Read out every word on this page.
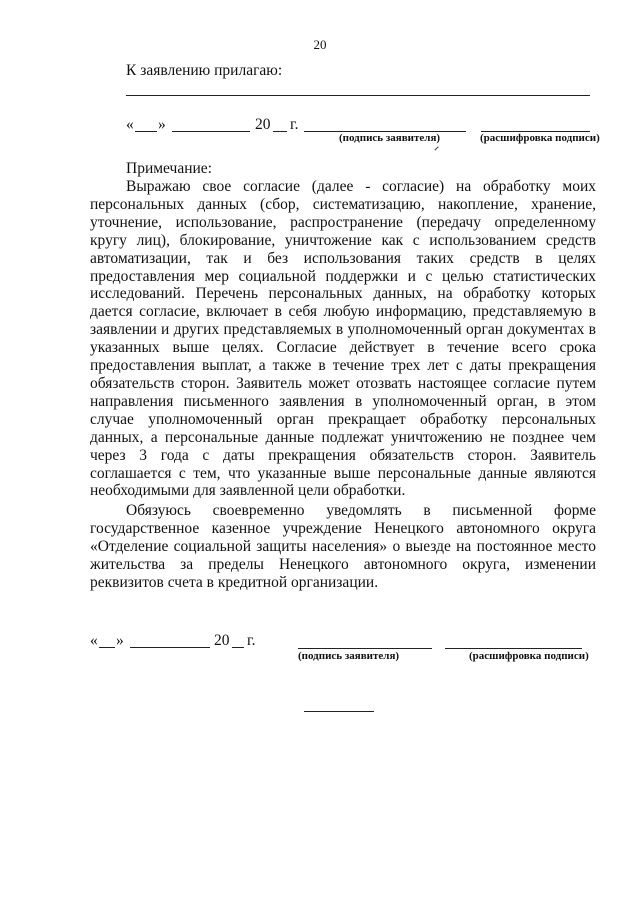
20
К заявлению прилагаю:
« »	20 г.
(подпись заявителя)	(расшифровка подписи)
Примечание:

Выражаю свое согласие (далее - согласие) на обработку моих персональных данных (сбор, систематизацию, накопление, хранение, уточнение, использование, распространение (передачу определенному кругу лиц), блокирование, уничтожение как с использованием средств автоматизации, так и без использования таких средств в целях предоставления мер социальной поддержки и с целью статистических исследований. Перечень персональных данных, на обработку которых дается согласие, включает в себя любую информацию, представляемую в заявлении и других представляемых в уполномоченный орган документах в указанных выше целях. Согласие действует в течение всего срока предоставления выплат, а также в течение трех лет с даты прекращения обязательств сторон. Заявитель может отозвать настоящее согласие путем направления письменного заявления в уполномоченный орган, в этом случае уполномоченный орган прекращает обработку персональных данных, а персональные данные подлежат уничтожению не позднее чем через 3 года с даты прекращения обязательств сторон. Заявитель соглашается с тем, что указанные выше персональные данные являются необходимыми для заявленной цели обработки.

Обязуюсь своевременно уведомлять в письменной форме государственное казенное учреждение Ненецкого автономного округа «Отделение социальной защиты населения» о выезде на постоянное место жительства за пределы Ненецкого автономного округа, изменении реквизитов счета в кредитной организации.

« »	20 г.
(подпись заявителя)	(расшифровка подписи)
